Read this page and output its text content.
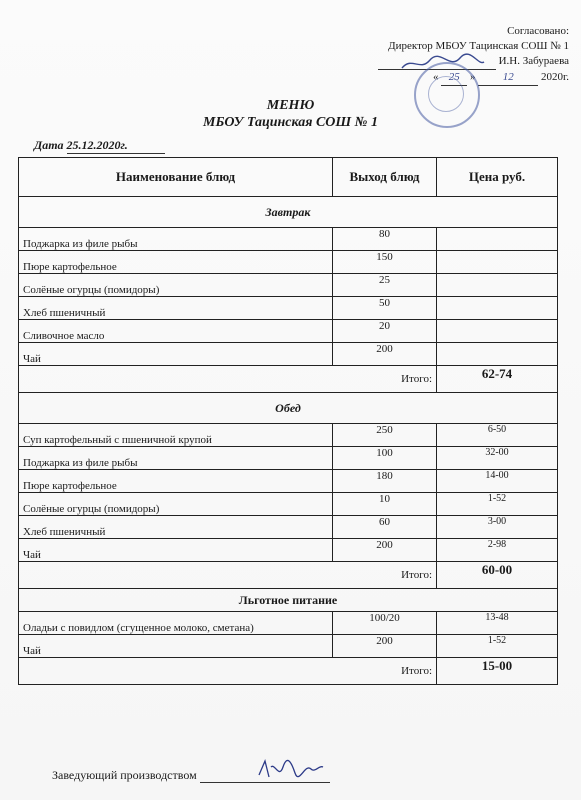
Согласовано:
Директор МБОУ Тацинская СОШ № 1
И.Н. Забураева
« 25 » 12 2020г.
МЕНЮ
МБОУ Тацинская СОШ № 1
Дата 25.12.2020г.
Наименование блюд	Выход блюд	Цена руб.
Завтрак		
Поджарка из филе рыбы	80	
Пюре картофельное	150	
Солёные огурцы (помидоры)	25	
Хлеб пшеничный	50	
Сливочное масло	20	
Чай	200	
Итого:		62-74
Обед		
Суп картофельный с пшеничной крупой	250	6-50
Поджарка из филе рыбы	100	32-00
Пюре картофельное	180	14-00
Солёные огурцы (помидоры)	10	1-52
Хлеб пшеничный	60	3-00
Чай	200	2-98
Итого:		60-00
Льготное питание		
Оладьи с повидлом (сгущенное молоко, сметана)	100/20	13-48
Чай	200	1-52
Итого:		15-00
Заведующий производством
